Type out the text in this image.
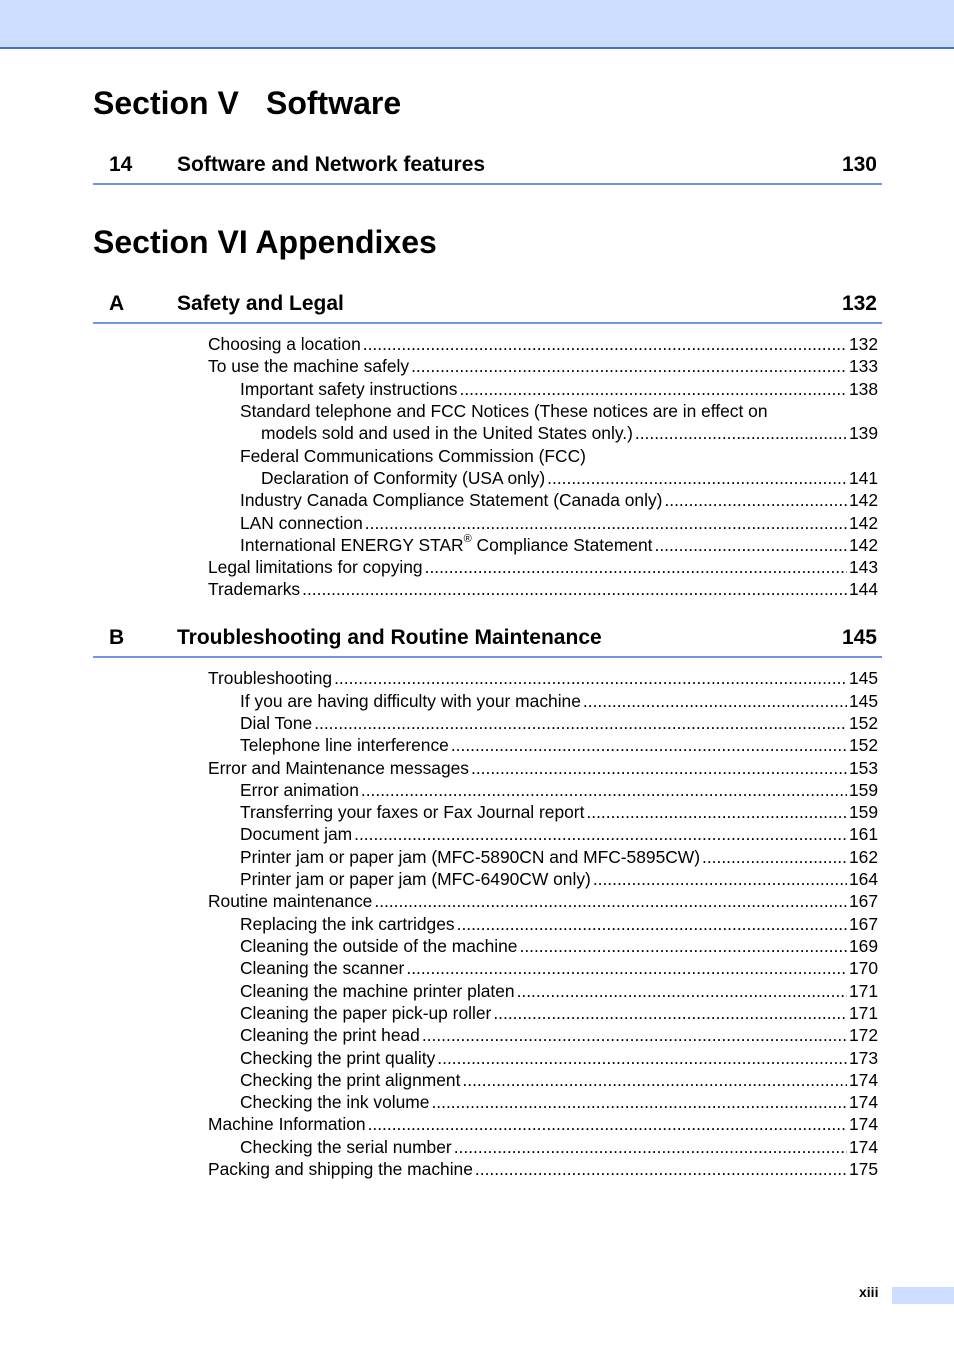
Section V Software
14 Software and Network features	130
Section VI Appendixes
A	Safety and Legal	132
Choosing a location .....	132
To use the machine safely .....	133
Important safety instructions .....	138
Standard telephone and FCC Notices (These notices are in effect on
models sold and used in the United States only.) .....	139
Federal Communications Commission (FCC)
Declaration of Conformity (USA only) .....	141
Industry Canada Compliance Statement (Canada only) .....	142
LAN connection .....	142
International ENERGY STAR® Compliance Statement .....	142
Legal limitations for copying .....	143
Trademarks .....	144
B	Troubleshooting and Routine Maintenance	145
Troubleshooting .....	145
If you are having difficulty with your machine .....	145
Dial Tone .....	152
Telephone line interference .....	152
Error and Maintenance messages .....	153
Error animation .....	159
Transferring your faxes or Fax Journal report .....	159
Document jam .....	161
Printer jam or paper jam (MFC-5890CN and MFC-5895CW) .....	162
Printer jam or paper jam (MFC-6490CW only) .....	164
Routine maintenance .....	167
Replacing the ink cartridges .....	167
Cleaning the outside of the machine .....	169
Cleaning the scanner .....	170
Cleaning the machine printer platen .....	171
Cleaning the paper pick-up roller .....	171
Cleaning the print head .....	172
Checking the print quality .....	173
Checking the print alignment .....	174
Checking the ink volume .....	174
Machine Information .....	174
Checking the serial number .....	174
Packing and shipping the machine .....	175
xiii
